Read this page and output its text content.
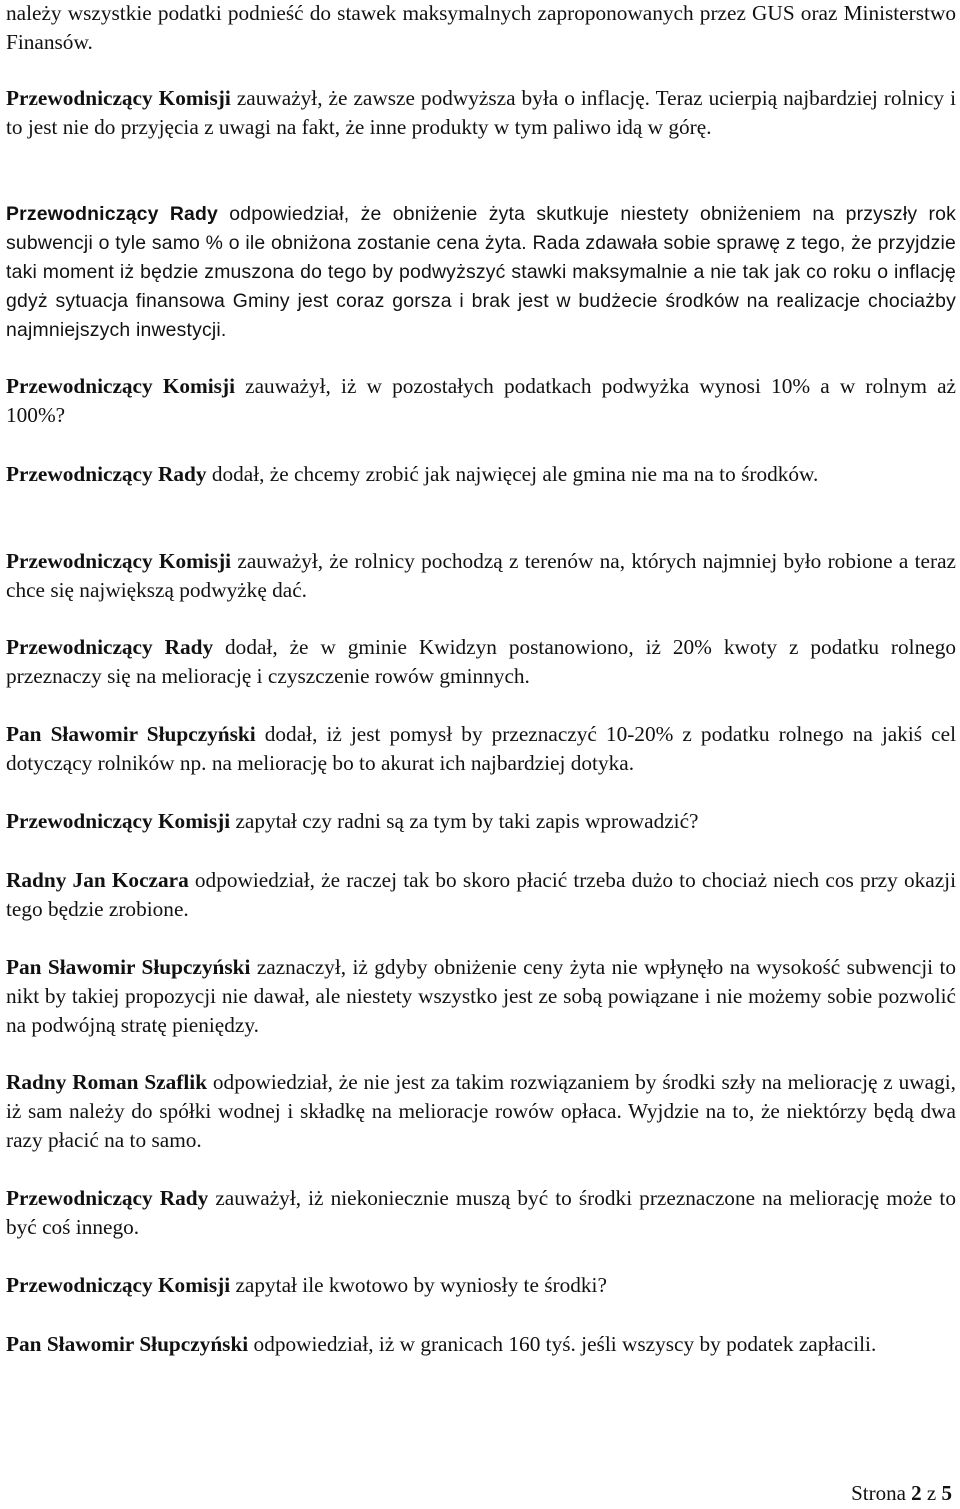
należy wszystkie podatki podnieść do stawek maksymalnych zaproponowanych przez GUS oraz Ministerstwo Finansów.

Przewodniczący Komisji zauważył, że zawsze podwyższa była o inflację. Teraz ucierpią najbardziej rolnicy i to jest nie do przyjęcia z uwagi na fakt, że inne produkty w tym paliwo idą w górę.

Przewodniczący Rady odpowiedział, że obniżenie żyta skutkuje niestety obniżeniem na przyszły rok subwencji o tyle samo % o ile obniżona zostanie cena żyta. Rada zdawała sobie sprawę z tego, że przyjdzie taki moment iż będzie zmuszona do tego by podwyższyć stawki maksymalnie a nie tak jak co roku o inflację gdyż sytuacja finansowa Gminy jest coraz gorsza i brak jest w budżecie środków na realizacje chociażby najmniejszych inwestycji.

Przewodniczący Komisji zauważył, iż w pozostałych podatkach podwyżka wynosi 10% a w rolnym aż 100%?

Przewodniczący Rady dodał, że chcemy zrobić jak najwięcej ale gmina nie ma na to środków.

Przewodniczący Komisji zauważył, że rolnicy pochodzą z terenów na, których najmniej było robione a teraz chce się największą podwyżkę dać.

Przewodniczący Rady dodał, że w gminie Kwidzyn postanowiono, iż 20% kwoty z podatku rolnego przeznaczy się na meliorację i czyszczenie rowów gminnych.

Pan Sławomir Słupczyński dodał, iż jest pomysł by przeznaczyć 10-20% z podatku rolnego na jakiś cel dotyczący rolników np. na meliorację bo to akurat ich najbardziej dotyka.

Przewodniczący Komisji zapytał czy radni są za tym by taki zapis wprowadzić?

Radny Jan Koczara odpowiedział, że raczej tak bo skoro płacić trzeba dużo to chociaż niech cos przy okazji tego będzie zrobione.

Pan Sławomir Słupczyński zaznaczył, iż gdyby obniżenie ceny żyta nie wpłynęło na wysokość subwencji to nikt by takiej propozycji nie dawał, ale niestety wszystko jest ze sobą powiązane i nie możemy sobie pozwolić na podwójną stratę pieniędzy.

Radny Roman Szaflik odpowiedział, że nie jest za takim rozwiązaniem by środki szły na meliorację z uwagi, iż sam należy do spółki wodnej i składkę na melioracje rowów opłaca. Wyjdzie na to, że niektórzy będą dwa razy płacić na to samo.

Przewodniczący Rady zauważył, iż niekoniecznie muszą być to środki przeznaczone na meliorację może to być coś innego.

Przewodniczący Komisji zapytał ile kwotowo by wyniosły te środki?

Pan Sławomir Słupczyński odpowiedział, iż w granicach 160 tyś. jeśli wszyscy by podatek zapłacili.

Strona 2 z 5
